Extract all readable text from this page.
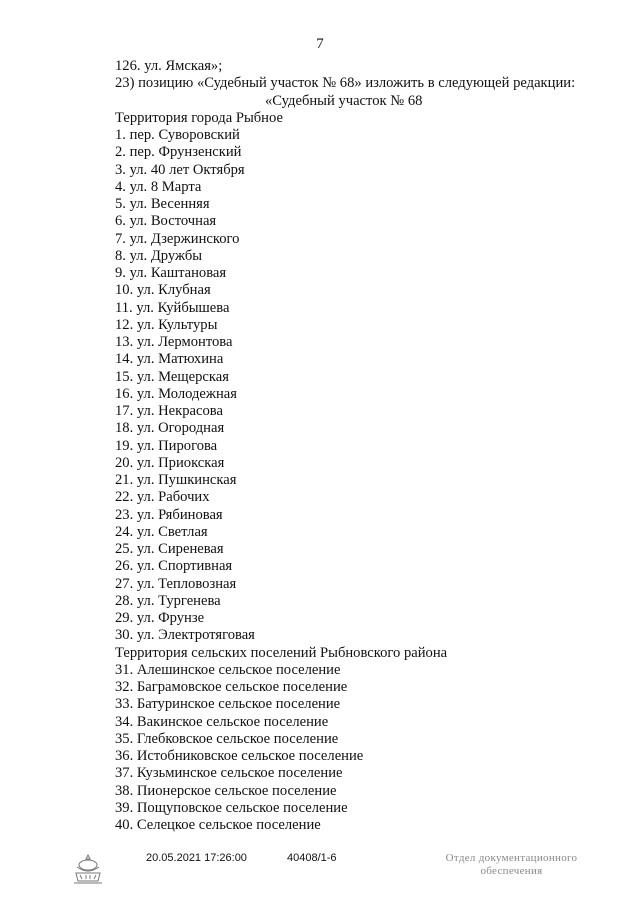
7
126. ул. Ямская»;
23) позицию «Судебный участок № 68» изложить в следующей редакции:
«Судебный участок № 68
Территория города Рыбное
1. пер. Суворовский
2. пер. Фрунзенский
3. ул. 40 лет Октября
4. ул. 8 Марта
5. ул. Весенняя
6. ул. Восточная
7. ул. Дзержинского
8. ул. Дружбы
9. ул. Каштановая
10. ул. Клубная
11. ул. Куйбышева
12. ул. Культуры
13. ул. Лермонтова
14. ул. Матюхина
15. ул. Мещерская
16. ул. Молодежная
17. ул. Некрасова
18. ул. Огородная
19. ул. Пирогова
20. ул. Приокская
21. ул. Пушкинская
22. ул. Рабочих
23. ул. Рябиновая
24. ул. Светлая
25. ул. Сиреневая
26. ул. Спортивная
27. ул. Тепловозная
28. ул. Тургенева
29. ул. Фрунзе
30. ул. Электротяговая
Территория сельских поселений Рыбновского района
31. Алешинское сельское поселение
32. Баграмовское сельское поселение
33. Батуринское сельское поселение
34. Вакинское сельское поселение
35. Глебковское сельское поселение
36. Истобниковское сельское поселение
37. Кузьминское сельское поселение
38. Пионерское сельское поселение
39. Пощуповское сельское поселение
40. Селецкое сельское поселение
20.05.2021 17:26:00	40408/1-6	Отдел документационного
обеспечения
